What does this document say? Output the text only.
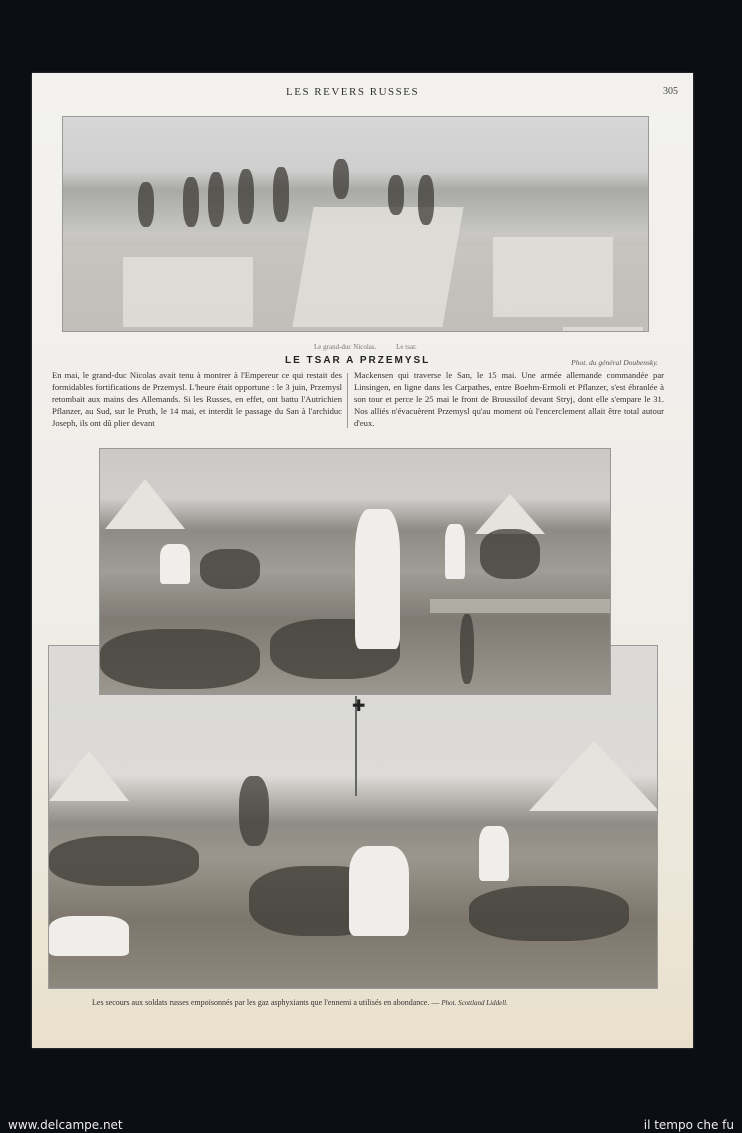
LES REVERS RUSSES	305
Le grand-duc Nicolas.	Le tsar.
LE TSAR A PRZEMYSL	Phot. du général Doubensky.
En mai, le grand-duc Nicolas avait tenu à montrer à l'Empereur ce qui restait des formidables fortifications de Przemysl. L'heure était opportune : le 3 juin, Przemysl retombait aux mains des Allemands. Si les Russes, en effet, ont battu l'Autrichien Pflanzer, au Sud, sur le Pruth, le 14 mai, et interdit le passage du San à l'archiduc Joseph, ils ont dû plier devant
Mackensen qui traverse le San, le 15 mai. Une armée allemande commandée par Linsingen, en ligne dans les Carpathes, entre Boehm-Ermoli et Pflanzer, s'est ébranlée à son tour et perce le 25 mai le front de Broussilof devant Stryj, dont elle s'empare le 31. Nos alliés n'évacuèrent Przemysl qu'au moment où l'encerclement allait être total autour d'eux.
✚
Les secours aux soldats russes empoisonnés par les gaz asphyxiants que l'ennemi a utilisés en abondance. — Phot. Scottland Liddell.
www.delcampe.net	il tempo che fu
